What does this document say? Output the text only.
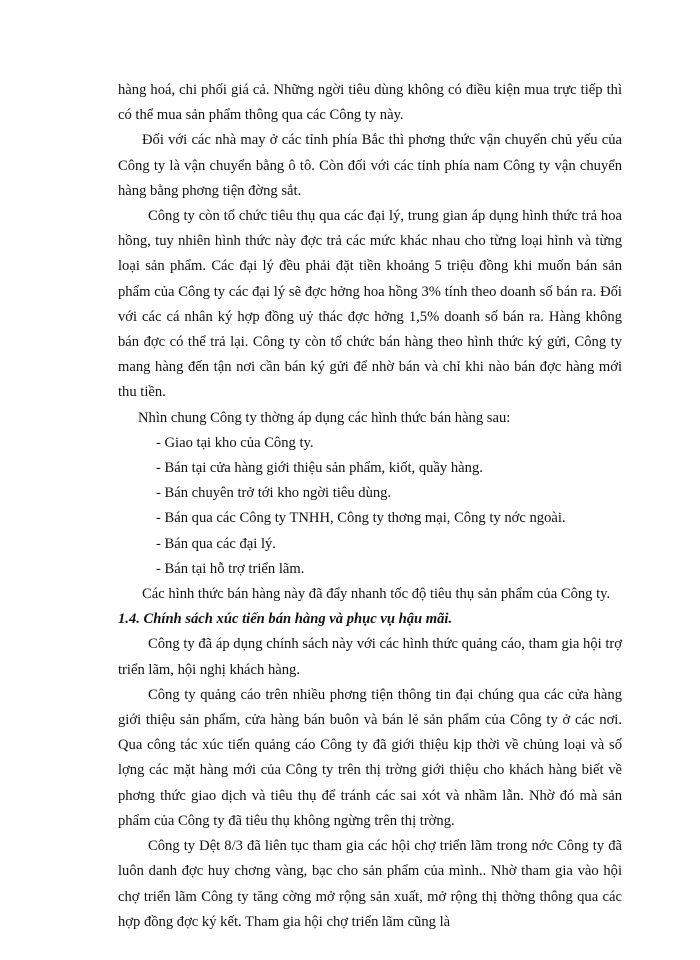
hàng hoá, chi phối giá cả. Những ngời tiêu dùng không có điều kiện mua trực tiếp thì có thể mua sản phẩm thông qua các Công ty này.

Đối với các nhà may ở các tỉnh phía Bắc thì phơng thức vận chuyển chủ yếu của Công ty là vận chuyển bằng ô tô. Còn đối với các tỉnh phía nam Công ty vận chuyển hàng bằng phơng tiện đờng sắt.

Công ty còn tổ chức tiêu thụ qua các đại lý, trung gian áp dụng hình thức trả hoa hồng, tuy nhiên hình thức này đợc trả các mức khác nhau cho từng loại hình và từng loại sản phẩm. Các đại lý đều phải đặt tiền khoảng 5 triệu đồng khi muốn bán sản phẩm của Công ty các đại lý sẽ đợc hởng hoa hồng 3% tính theo doanh số bán ra. Đối với các cá nhân ký hợp đồng uỷ thác đợc hởng 1,5% doanh số bán ra. Hàng không bán đợc có thể trả lại. Công ty còn tổ chức bán hàng theo hình thức ký gửi, Công ty mang hàng đến tận nơi cần bán ký gửi để nhờ bán và chỉ khi nào bán đợc hàng mới thu tiền.

Nhìn chung Công ty thờng áp dụng các hình thức bán hàng sau:

- Giao tại kho của Công ty.

- Bán tại cửa hàng giới thiệu sản phẩm, kiốt, quầy hàng.

- Bán chuyên trở tới kho ngời tiêu dùng.

- Bán qua các Công ty TNHH, Công ty thơng mại, Công ty nớc ngoài.

- Bán qua các đại lý.

- Bán tại hỗ trợ triển lãm.

Các hình thức bán hàng này đã đẩy nhanh tốc độ tiêu thụ sản phẩm của Công ty.

1.4. Chính sách xúc tiến bán hàng và phục vụ hậu mãi.

Công ty đã áp dụng chính sách này với các hình thức quảng cáo, tham gia hội trợ triển lãm, hội nghị khách hàng.

Công ty quảng cáo trên nhiều phơng tiện thông tin đại chúng qua các cửa hàng giới thiệu sản phẩm, cửa hàng bán buôn và bán lẻ sản phẩm của Công ty ở các nơi. Qua công tác xúc tiến quảng cáo Công ty đã giới thiệu kịp thời về chủng loại và số lợng các mặt hàng mới của Công ty trên thị trờng giới thiệu cho khách hàng biết về phơng thức giao dịch và tiêu thụ để tránh các sai xót và nhầm lẫn. Nhờ đó mà sản phẩm của Công ty đã tiêu thụ không ngừng trên thị trờng.

Công ty Dệt 8/3 đã liên tục tham gia các hội chợ triển lãm trong nớc Công ty đã luôn danh đợc huy chơng vàng, bạc cho sản phẩm của mình.. Nhờ tham gia vào hội chợ triển lãm Công ty tăng cờng mở rộng sản xuất, mở rộng thị thờng thông qua các hợp đồng đợc ký kết. Tham gia hội chợ triển lãm cũng là
